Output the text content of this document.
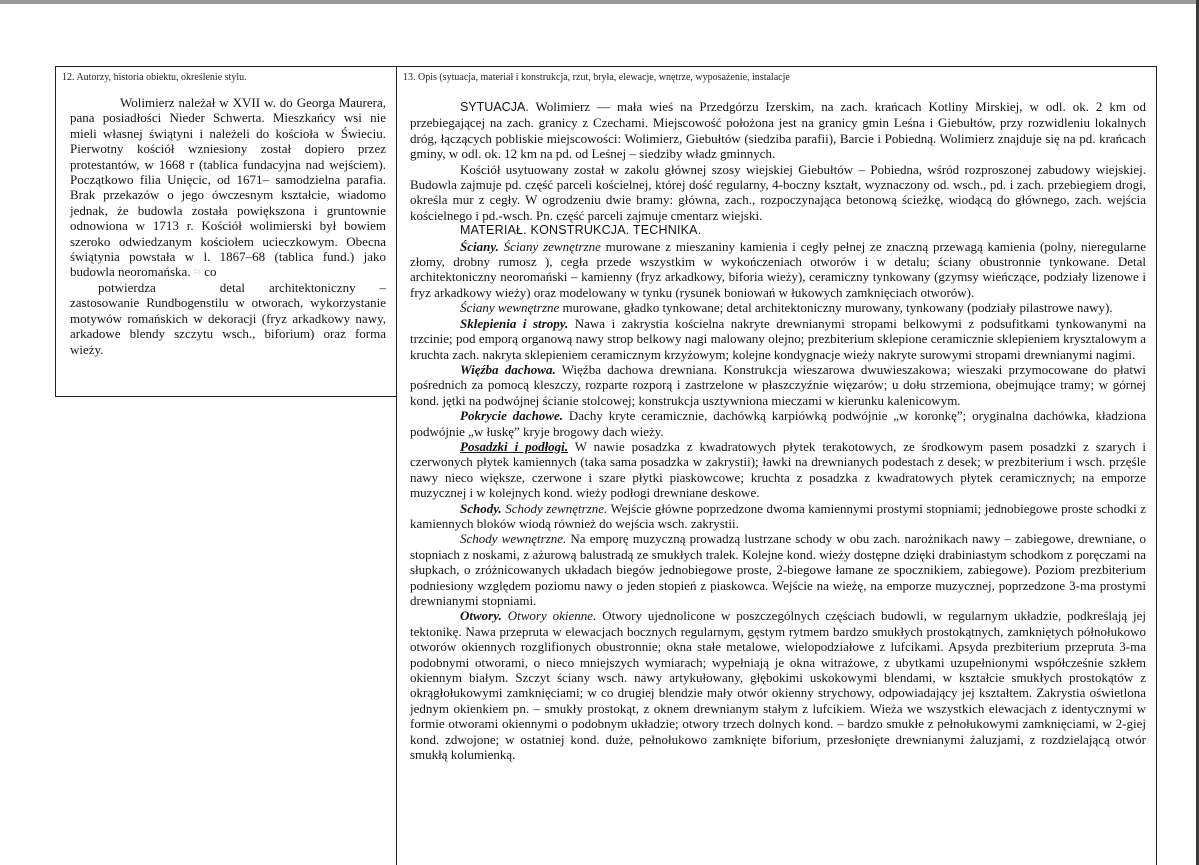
12. Autorzy, historia obiektu, określenie stylu.	13. Opis (sytuacja, materiał i konstrukcja, rzut, bryła, elewacje, wnętrze, wyposażenie, instalacje

Wolimierz należał w XVII w. do Georga Maurera, pana posiadłości Nieder Schwerta. Mieszkańcy wsi nie mieli własnej świątyni i należeli do kościoła w Świeciu. Pierwotny kościół wzniesiony został dopiero przez protestantów, w 1668 r (tablica fundacyjna nad wejściem). Początkowo filia Unięcic, od 1671– samodzielna parafia. Brak przekazów o jego ówczesnym kształcie, wiadomo jednak, że budowla została powiększona i gruntownie odnowiona w 1713 r. Kościół wolimierski był bowiem szeroko odwiedzanym kościołem ucieczkowym. Obecna świątynia powstała w l. 1867–68 (tablica fund.) jako budowla neoromańska. ≈ co
potwierdza	detal architektoniczny – zastosowanie Rundbogenstilu w otworach, wykorzystanie motywów romańskich w dekoracji (fryz arkadkowy nawy, arkadowe blendy szczytu wsch., biforium) oraz forma wieży.

SYTUACJA. Wolimierz — mała wieś na Przedgórzu Izerskim, na zach. krańcach Kotliny Mirskiej, w odl. ok. 2 km od przebiegającej na zach. granicy z Czechami. Miejscowość położona jest na granicy gmin Leśna i Giebułtów, przy rozwidleniu lokalnych dróg, łączących pobliskie miejscowości: Wolimierz, Giebułtów (siedziba parafii), Barcie i Pobiedną. Wolimierz znajduje się na pd. krańcach gminy, w odl. ok. 12 km na pd. od Leśnej – siedziby władz gminnych.

Kościół usytuowany został w zakolu głównej szosy wiejskiej Giebułtów – Pobiedna, wśród rozproszonej zabudowy wiejskiej. Budowla zajmuje pd. część parceli kościelnej, której dość regularny, 4-boczny kształt, wyznaczony od. wsch., pd. i zach. przebiegiem drogi, określa mur z cegły. W ogrodzeniu dwie bramy: główna, zach., rozpoczynająca betonową ścieżkę, wiodącą do głównego, zach. wejścia kościelnego i pd.-wsch. Pn. część parceli zajmuje cmentarz wiejski.

MATERIAŁ. KONSTRUKCJA. TECHNIKA.

Ściany. Ściany zewnętrzne murowane z mieszaniny kamienia i cegły pełnej ze znaczną przewagą kamienia (polny, nieregularne złomy, drobny rumosz ), cegła przede wszystkim w wykończeniach otworów i w detalu; ściany obustronnie tynkowane. Detal architektoniczny neoromański – kamienny (fryz arkadkowy, biforia wieży), ceramiczny tynkowany (gzymsy wieńczące, podziały lizenowe i fryz arkadkowy wieży) oraz modelowany w tynku (rysunek boniowań w łukowych zamknięciach otworów).

Ściany wewnętrzne murowane, gładko tynkowane; detal architektoniczny murowany, tynkowany (podziały pilastrowe nawy).

Sklepienia i stropy. Nawa i zakrystia kościelna nakryte drewnianymi stropami belkowymi z podsufitkami tynkowanymi na trzcinie; pod emporą organową nawy strop belkowy nagi malowany olejno; prezbiterium sklepione ceramicznie sklepieniem krysztalowym a kruchta zach. nakryta sklepieniem ceramicznym krzyżowym; kolejne kondygnacje wieży nakryte surowymi stropami drewnianymi nagimi.

Więźba dachowa. Więźba dachowa drewniana. Konstrukcja wieszarowa dwuwieszakowa; wieszaki przymocowane do płatwi pośrednich za pomocą kleszczy, rozparte rozporą i zastrzelone w płaszczyźnie więzarów; u dołu strzemiona, obejmujące tramy; w górnej kond. jętki na podwójnej ścianie stolcowej; konstrukcja usztywniona mieczami w kierunku kalenicowym.

Pokrycie dachowe. Dachy kryte ceramicznie, dachówką karpiówką podwójnie „w koronkę”; oryginalna dachówka, kładziona podwójnie „w łuskę” kryje brogowy dach wieży.

Posadzki i podłogi. W nawie posadzka z kwadratowych płytek terakotowych, ze środkowym pasem posadzki z szarych i czerwonych płytek kamiennych (taka sama posadzka w zakrystii); ławki na drewnianych podestach z desek; w prezbiterium i wsch. przęśle nawy nieco większe, czerwone i szare płytki piaskowcowe; kruchta z posadzka z kwadratowych płytek ceramicznych; na emporze muzycznej i w kolejnych kond. wieży podłogi drewniane deskowe.

Schody. Schody zewnętrzne. Wejście główne poprzedzone dwoma kamiennymi prostymi stopniami; jednobiegowe proste schodki z kamiennych bloków wiodą również do wejścia wsch. zakrystii.

Schody wewnętrzne. Na emporę muzyczną prowadzą lustrzane schody w obu zach. narożnikach nawy – zabiegowe, drewniane, o stopniach z noskami, z ażurową balustradą ze smukłych tralek. Kolejne kond. wieży dostępne dzięki drabiniastym schodkom z poręczami na słupkach, o zróżnicowanych układach biegów jednobiegowe proste, 2-biegowe łamane ze spocznikiem, zabiegowe). Poziom prezbiterium podniesiony względem poziomu nawy o jeden stopień z piaskowca. Wejście na wieżę, na emporze muzycznej, poprzedzone 3-ma prostymi drewnianymi stopniami.

Otwory. Otwory okienne. Otwory ujednolicone w poszczególnych częściach budowli, w regularnym układzie, podkreślają jej tektonikę. Nawa przepruta w elewacjach bocznych regularnym, gęstym rytmem bardzo smukłych prostokątnych, zamkniętych półnołukowo otworów okiennych rozglifionych obustronnie; okna stałe metalowe, wielopodziałowe z lufcikami. Apsyda prezbiterium przepruta 3-ma podobnymi otworami, o nieco mniejszych wymiarach; wypełniają je okna witrażowe, z ubytkami uzupełnionymi współcześnie szkłem okiennym białym. Szczyt ściany wsch. nawy artykułowany, głębokimi uskokowymi blendami, w kształcie smukłych prostokątów z okrągłołukowymi zamknięciami; w co drugiej blendzie mały otwór okienny strychowy, odpowiadający jej kształtem. Zakrystia oświetlona jednym okienkiem pn. – smukły prostokąt, z oknem drewnianym stałym z lufcikiem. Wieża we wszystkich elewacjach z identycznymi w formie otworami okiennymi o podobnym układzie; otwory trzech dolnych kond. – bardzo smukłe z pełnołukowymi zamknięciami, w 2-giej kond. zdwojone; w ostatniej kond. duże, pełnołukowo zamknięte biforium, przesłonięte drewnianymi żaluzjami, z rozdzielającą otwór smukłą kolumienką.
